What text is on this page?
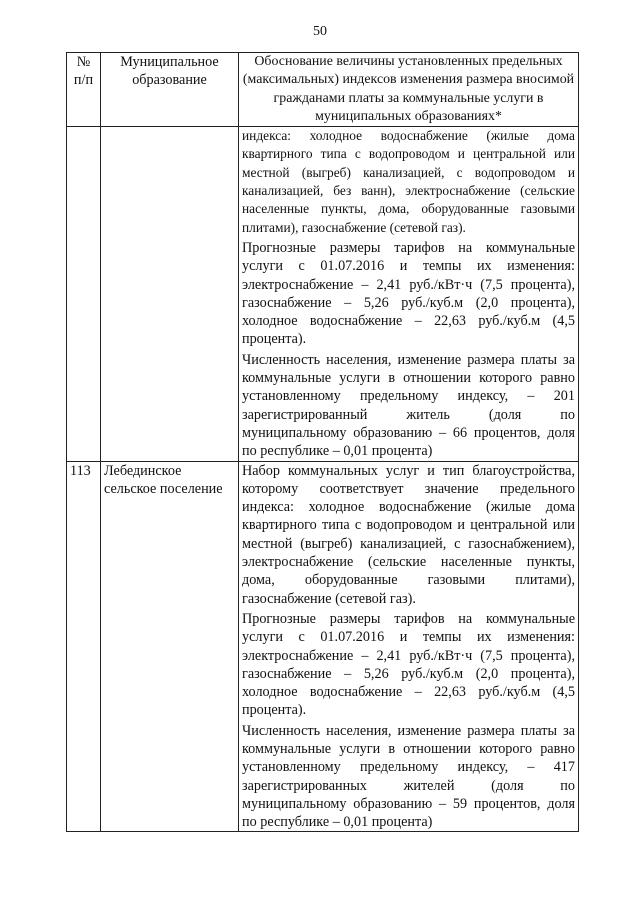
50
№ п/п	Муниципальное образование	Обоснование величины установленных предельных (максимальных) индексов изменения размера вносимой гражданами платы за коммунальные услуги в муниципальных образованиях*

		индекса: холодное водоснабжение (жилые дома квартирного типа с водопроводом и центральной или местной (выгреб) канализацией, с водопроводом и канализацией, без ванн), электроснабжение (сельские населенные пункты, дома, оборудованные газовыми плитами), газоснабжение (сетевой газ).

Прогнозные размеры тарифов на коммунальные услуги с 01.07.2016 и темпы их изменения: электроснабжение – 2,41 руб./кВт·ч (7,5 процента), газоснабжение – 5,26 руб./куб.м (2,0 процента), холодное водоснабжение – 22,63 руб./куб.м (4,5 процента).

Численность населения, изменение размера платы за коммунальные услуги в отношении которого равно установленному предельному индексу, – 201 зарегистрированный житель (доля по муниципальному образованию – 66 процентов, доля по республике – 0,01 процента)

113	Лебединское сельское поселение	Набор коммунальных услуг и тип благоустройства, которому соответствует значение предельного индекса: холодное водоснабжение (жилые дома квартирного типа с водопроводом и центральной или местной (выгреб) канализацией, с газоснабжением), электроснабжение (сельские населенные пункты, дома, оборудованные газовыми плитами), газоснабжение (сетевой газ).

Прогнозные размеры тарифов на коммунальные услуги с 01.07.2016 и темпы их изменения: электроснабжение – 2,41 руб./кВт·ч (7,5 процента), газоснабжение – 5,26 руб./куб.м (2,0 процента), холодное водоснабжение – 22,63 руб./куб.м (4,5 процента).

Численность населения, изменение размера платы за коммунальные услуги в отношении которого равно установленному предельному индексу, – 417 зарегистрированных жителей (доля по муниципальному образованию – 59 процентов, доля по республике – 0,01 процента)
